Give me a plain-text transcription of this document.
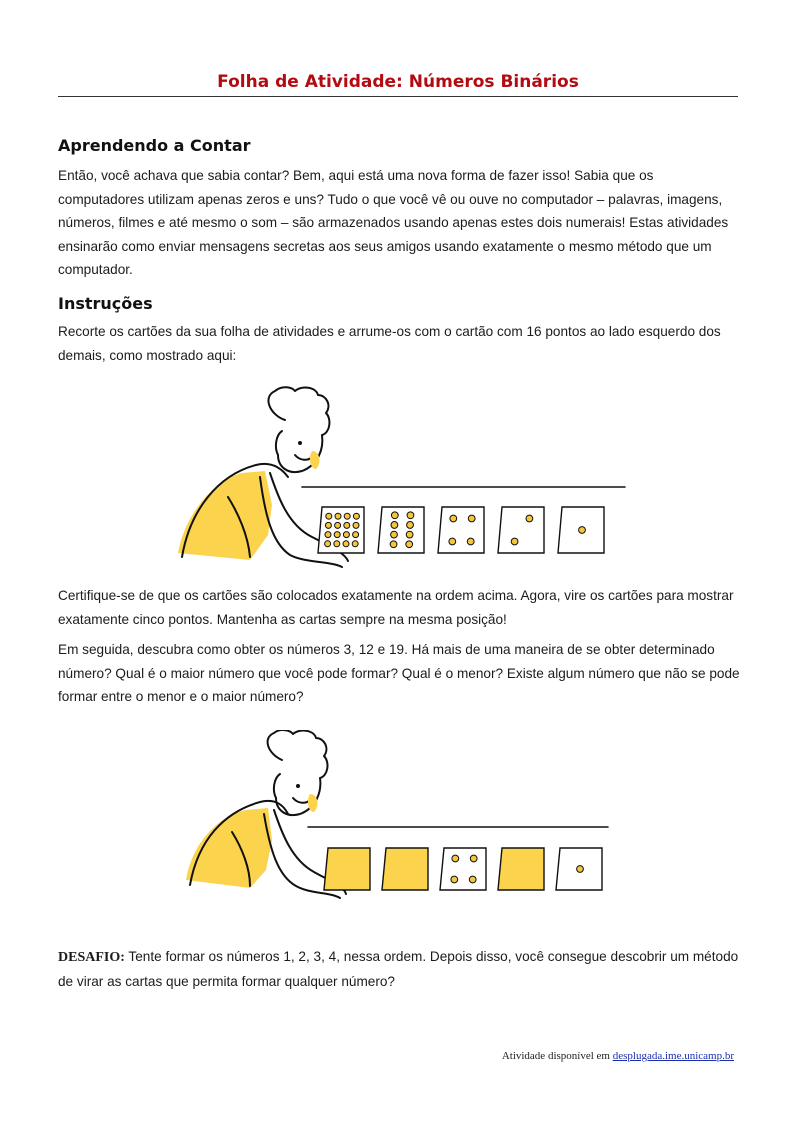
Folha de Atividade: Números Binários
Aprendendo a Contar

Então, você achava que sabia contar? Bem, aqui está uma nova forma de fazer isso! Sabia que os computadores utilizam apenas zeros e uns? Tudo o que você vê ou ouve no computador – palavras, imagens, números, filmes e até mesmo o som – são armazenados usando apenas estes dois numerais! Estas atividades ensinarão como enviar mensagens secretas aos seus amigos usando exatamente o mesmo método que um computador.

Instruções

Recorte os cartões da sua folha de atividades e arrume-os com o cartão com 16 pontos ao lado esquerdo dos demais, como mostrado aqui:

Certifique-se de que os cartões são colocados exatamente na ordem acima. Agora, vire os cartões para mostrar exatamente cinco pontos. Mantenha as cartas sempre na mesma posição!

Em seguida, descubra como obter os números 3, 12 e 19. Há mais de uma maneira de se obter determinado número? Qual é o maior número que você pode formar? Qual é o menor? Existe algum número que não se pode formar entre o menor e o maior número?

DESAFIO: Tente formar os números 1, 2, 3, 4, nessa ordem. Depois disso, você consegue descobrir um método de virar as cartas que permita formar qualquer número?

Atividade disponível em desplugada.ime.unicamp.br
